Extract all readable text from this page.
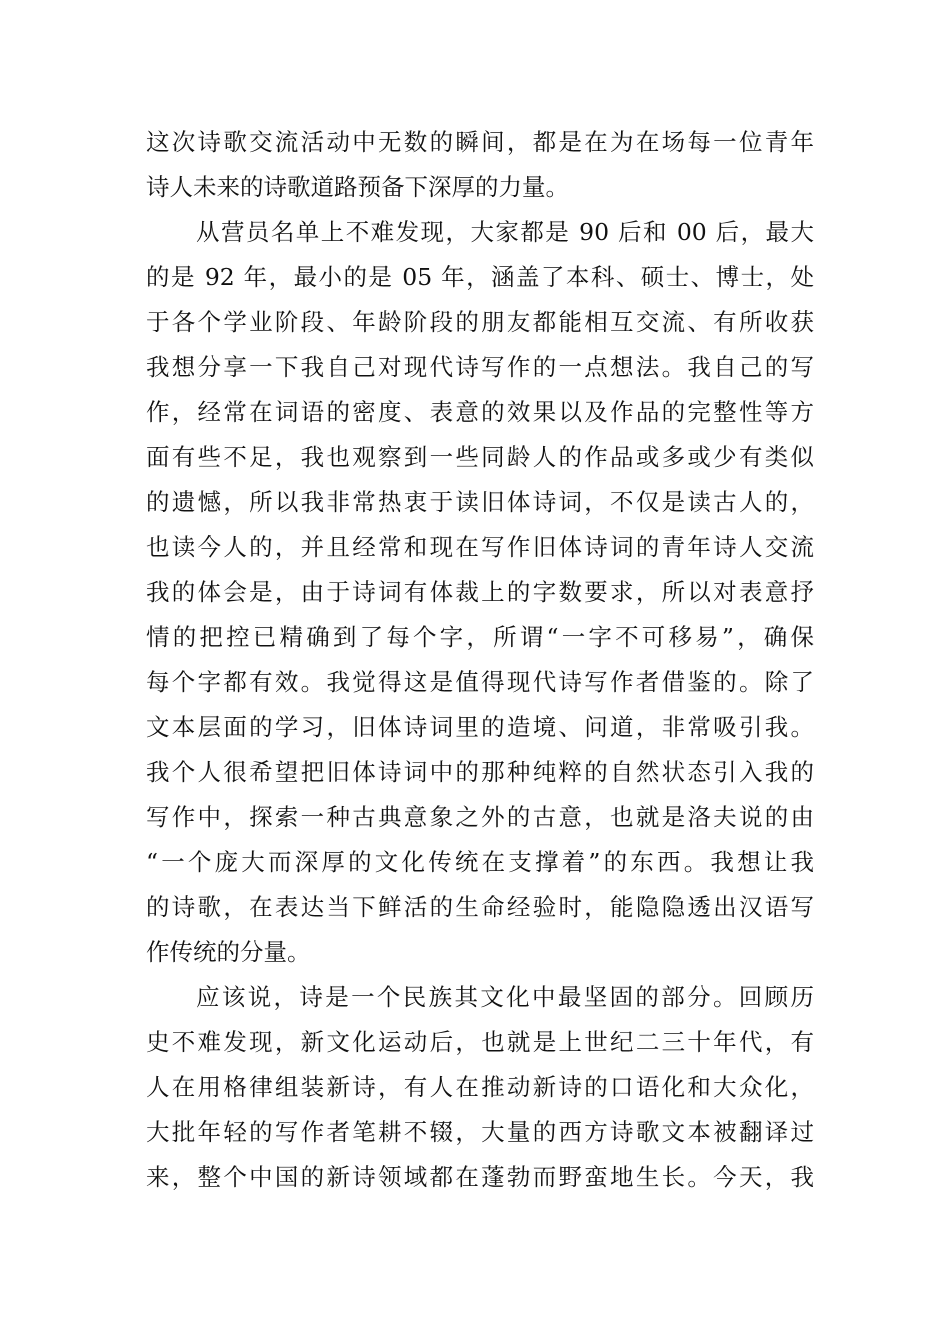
这次诗歌交流活动中无数的瞬间，都是在为在场每一位青年
诗人未来的诗歌道路预备下深厚的力量。
从营员名单上不难发现，大家都是 90 后和 00 后，最大
的是 92 年，最小的是 05 年，涵盖了本科、硕士、博士，处
于各个学业阶段、年龄阶段的朋友都能相互交流、有所收获
我想分享一下我自己对现代诗写作的一点想法。我自己的写
作，经常在词语的密度、表意的效果以及作品的完整性等方
面有些不足，我也观察到一些同龄人的作品或多或少有类似
的遗憾，所以我非常热衷于读旧体诗词，不仅是读古人的，
也读今人的，并且经常和现在写作旧体诗词的青年诗人交流
我的体会是，由于诗词有体裁上的字数要求，所以对表意抒
情的把控已精确到了每个字，所谓“一字不可移易”，确保
每个字都有效。我觉得这是值得现代诗写作者借鉴的。除了
文本层面的学习，旧体诗词里的造境、问道，非常吸引我。
我个人很希望把旧体诗词中的那种纯粹的自然状态引入我的
写作中，探索一种古典意象之外的古意，也就是洛夫说的由
“一个庞大而深厚的文化传统在支撑着”的东西。我想让我
的诗歌，在表达当下鲜活的生命经验时，能隐隐透出汉语写
作传统的分量。
应该说，诗是一个民族其文化中最坚固的部分。回顾历
史不难发现，新文化运动后，也就是上世纪二三十年代，有
人在用格律组装新诗，有人在推动新诗的口语化和大众化，
大批年轻的写作者笔耕不辍，大量的西方诗歌文本被翻译过
来，整个中国的新诗领域都在蓬勃而野蛮地生长。今天，我
